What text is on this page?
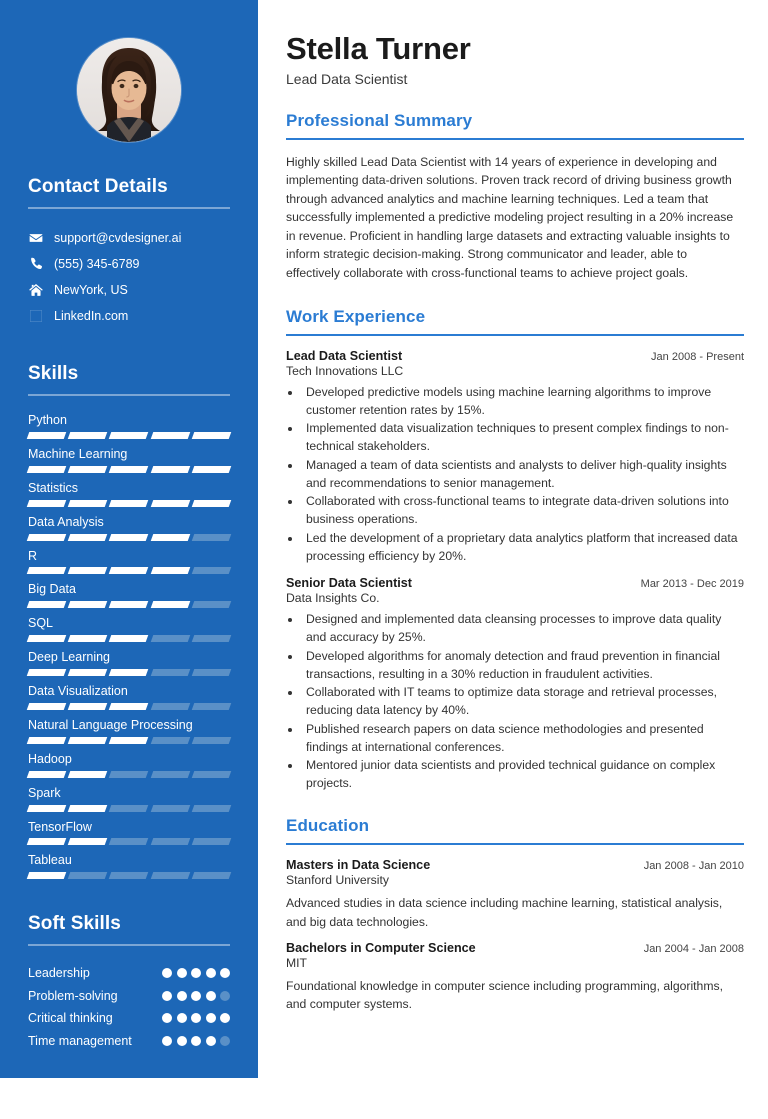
Contact Details
support@cvdesigner.ai
(555) 345-6789
NewYork, US
LinkedIn.com
Skills
Python
Machine Learning
Statistics
Data Analysis
R
Big Data
SQL
Deep Learning
Data Visualization
Natural Language Processing
Hadoop
Spark
TensorFlow
Tableau
Soft Skills
Leadership
Problem-solving
Critical thinking
Time management
Languages
Stella Turner
Lead Data Scientist
Professional Summary

Highly skilled Lead Data Scientist with 14 years of experience in developing and implementing data-driven solutions. Proven track record of driving business growth through advanced analytics and machine learning techniques. Led a team that successfully implemented a predictive modeling project resulting in a 20% increase in revenue. Proficient in handling large datasets and extracting valuable insights to inform strategic decision-making. Strong communicator and leader, able to effectively collaborate with cross-functional teams to achieve project goals.

Work Experience
Lead Data Scientist	Jan 2008 - Present
Tech Innovations LLC
• Developed predictive models using machine learning algorithms to improve customer retention rates by 15%.
• Implemented data visualization techniques to present complex findings to non-technical stakeholders.
• Managed a team of data scientists and analysts to deliver high-quality insights and recommendations to senior management.
• Collaborated with cross-functional teams to integrate data-driven solutions into business operations.
• Led the development of a proprietary data analytics platform that increased data processing efficiency by 20%.
Senior Data Scientist	Mar 2013 - Dec 2019
Data Insights Co.
• Designed and implemented data cleansing processes to improve data quality and accuracy by 25%.
• Developed algorithms for anomaly detection and fraud prevention in financial transactions, resulting in a 30% reduction in fraudulent activities.
• Collaborated with IT teams to optimize data storage and retrieval processes, reducing data latency by 40%.
• Published research papers on data science methodologies and presented findings at international conferences.
• Mentored junior data scientists and provided technical guidance on complex projects.
Education
Masters in Data Science	Jan 2008 - Jan 2010
Stanford University
Advanced studies in data science including machine learning, statistical analysis, and big data technologies.
Bachelors in Computer Science	Jan 2004 - Jan 2008
MIT
Foundational knowledge in computer science including programming, algorithms, and computer systems.
